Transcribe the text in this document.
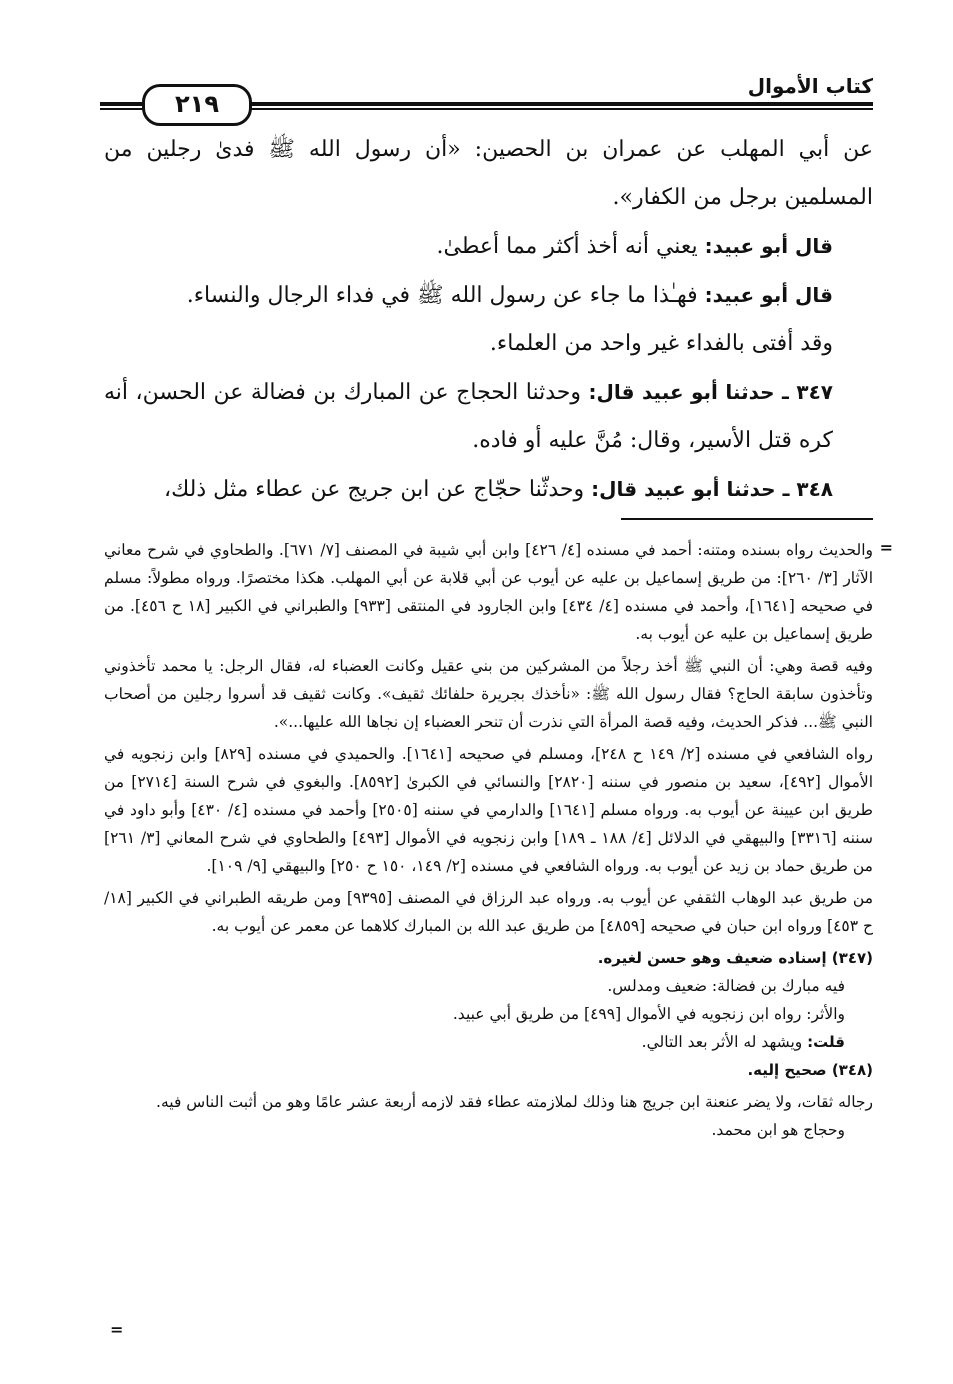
كتاب الأموال
٢١٩

عن أبي المهلب عن عمران بن الحصين: «أن رسول الله ﷺ فدىٰ رجلين من المسلمين برجل من الكفار».

قال أبو عبيد: يعني أنه أخذ أكثر مما أعطىٰ.

قال أبو عبيد: فهـٰذا ما جاء عن رسول الله ﷺ في فداء الرجال والنساء.

وقد أفتى بالفداء غير واحد من العلماء.

٣٤٧ ـ حدثنا أبو عبيد قال: وحدثنا الحجاج عن المبارك بن فضالة عن الحسن، أنه كره قتل الأسير، وقال: مُنَّ عليه أو فاده.

٣٤٨ ـ حدثنا أبو عبيد قال: وحدثّنا حجّاج عن ابن جريج عن عطاء مثل ذلك،

=

والحديث رواه بسنده ومتنه: أحمد في مسنده [٤/ ٤٢٦] وابن أبي شيبة في المصنف [٧/ ٦٧١]. والطحاوي في شرح معاني الآثار [٣/ ٢٦٠]: من طريق إسماعيل بن عليه عن أيوب عن أبي قلابة عن أبي المهلب. هكذا مختصرًا. ورواه مطولاً: مسلم في صحيحه [١٦٤١]، وأحمد في مسنده [٤/ ٤٣٤] وابن الجارود في المنتقى [٩٣٣] والطبراني في الكبير [١٨ ح ٤٥٦]. من طريق إسماعيل بن عليه عن أيوب به.

وفيه قصة وهي: أن النبي ﷺ أخذ رجلاً من المشركين من بني عقيل وكانت العضباء له، فقال الرجل: يا محمد تأخذوني وتأخذون سابقة الحاج؟ فقال رسول الله ﷺ: «نأخذك بجريرة حلفائك ثقيف». وكانت ثقيف قد أسروا رجلين من أصحاب النبي ﷺ... فذكر الحديث، وفيه قصة المرأة التي نذرت أن تنحر العضباء إن نجاها الله عليها...».

رواه الشافعي في مسنده [٢/ ١٤٩ ح ٢٤٨]، ومسلم في صحيحه [١٦٤١]. والحميدي في مسنده [٨٢٩] وابن زنجويه في الأموال [٤٩٢]، سعيد بن منصور في سننه [٢٨٢٠] والنسائي في الكبرىٰ [٨٥٩٢]. والبغوي في شرح السنة [٢٧١٤] من طريق ابن عيينة عن أيوب به. ورواه مسلم [١٦٤١] والدارمي في سننه [٢٥٠٥] وأحمد في مسنده [٤/ ٤٣٠] وأبو داود في سننه [٣٣١٦] والبيهقي في الدلائل [٤/ ١٨٨ ـ ١٨٩] وابن زنجويه في الأموال [٤٩٣] والطحاوي في شرح المعاني [٣/ ٢٦١] من طريق حماد بن زيد عن أيوب به. ورواه الشافعي في مسنده [٢/ ١٤٩، ١٥٠ ح ٢٥٠] والبيهقي [٩/ ١٠٩].

من طريق عبد الوهاب الثقفي عن أيوب به. ورواه عبد الرزاق في المصنف [٩٣٩٥] ومن طريقه الطبراني في الكبير [١٨/ ح ٤٥٣] ورواه ابن حبان في صحيحه [٤٨٥٩] من طريق عبد الله بن المبارك كلاهما عن معمر عن أيوب به.

(٣٤٧) إسناده ضعيف وهو حسن لغيره.

فيه مبارك بن فضالة: ضعيف ومدلس.

والأثر: رواه ابن زنجويه في الأموال [٤٩٩] من طريق أبي عبيد.

قلت: ويشهد له الأثر بعد التالي.

(٣٤٨) صحيح إليه.

رجاله ثقات، ولا يضر عنعنة ابن جريج هنا وذلك لملازمته عطاء فقد لازمه أربعة عشر عامًا وهو من أثبت الناس فيه.

وحجاج هو ابن محمد.

=
